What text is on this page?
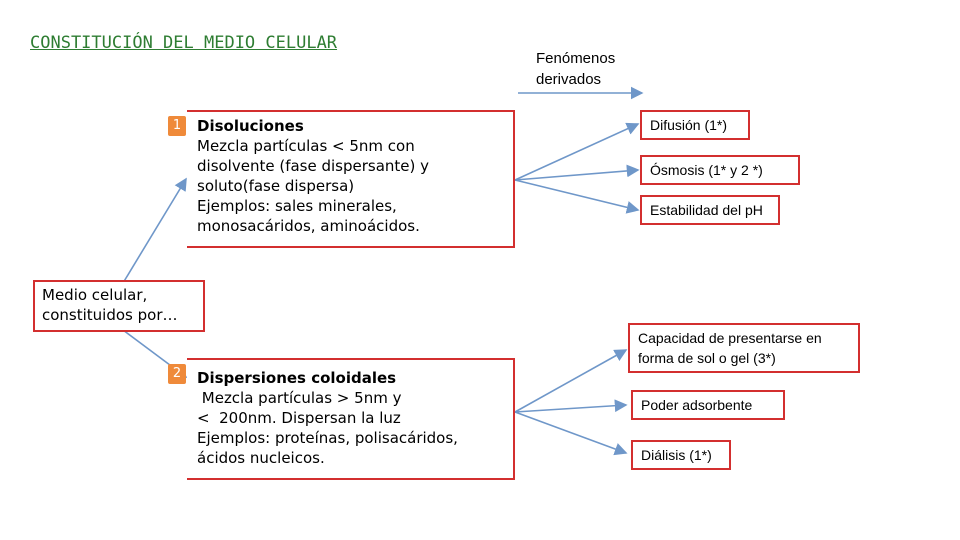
CONSTITUCIÓN DEL MEDIO CELULAR
Fenómenos
derivados
1	Disoluciones
Mezcla partículas < 5nm con
disolvente (fase dispersante) y
soluto(fase dispersa)
Ejemplos: sales minerales,
monosacáridos, aminoácidos.
Medio celular,
constituidos por…
2	Dispersiones coloidales
Mezcla partículas > 5nm y
<  200nm. Dispersan la luz
Ejemplos: proteínas, polisacáridos,
ácidos nucleicos.
Difusión (1*)
Ósmosis (1* y 2 *)
Estabilidad del pH
Capacidad de presentarse en forma de sol o gel (3*)
Poder adsorbente
Diálisis (1*)
